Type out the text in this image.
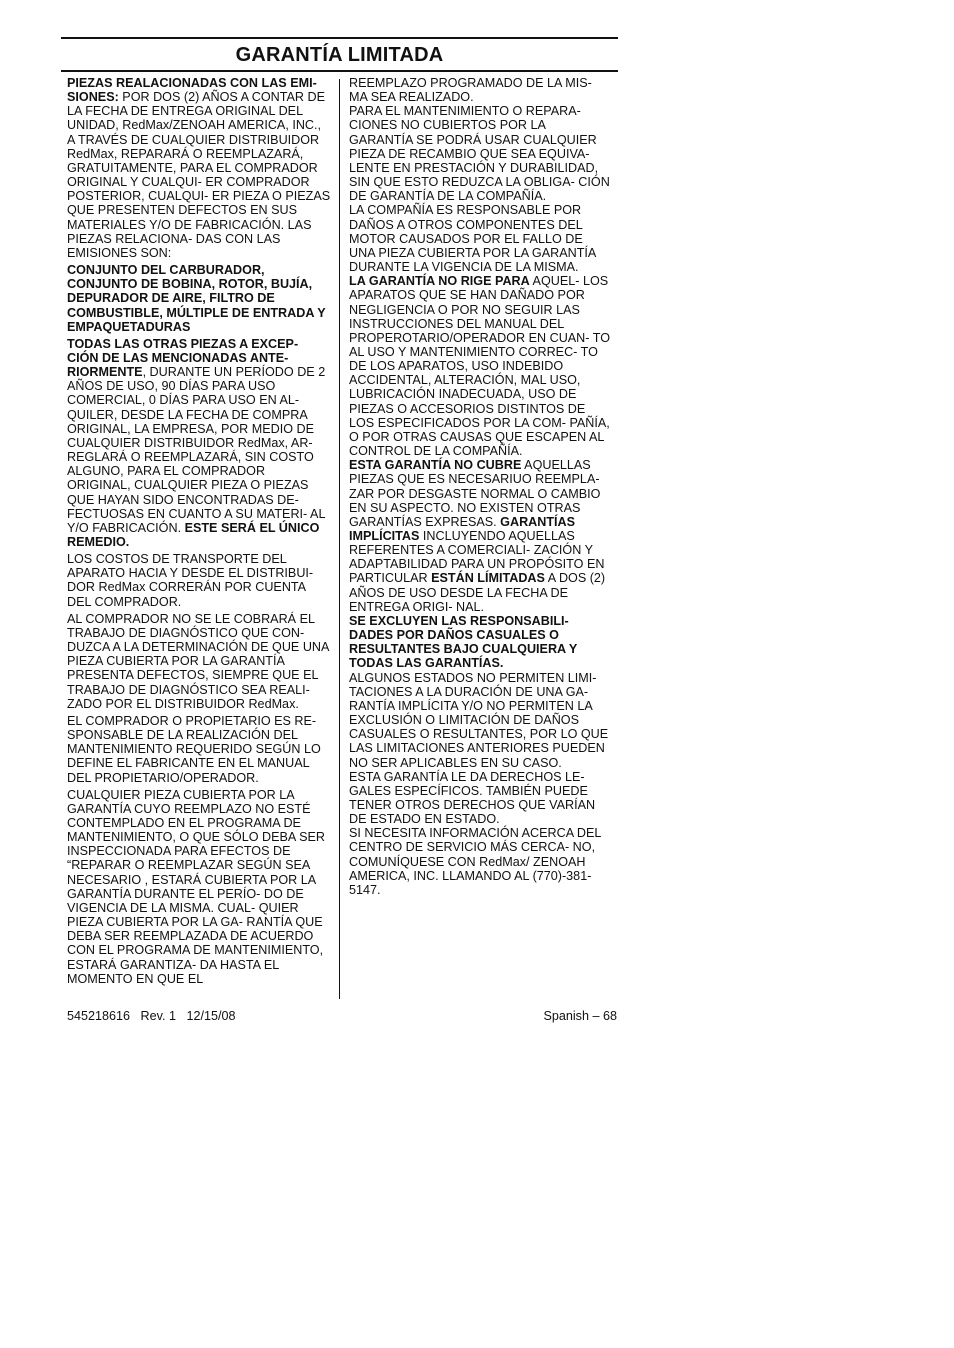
GARANTÍA LIMITADA

PIEZAS REALACIONADAS CON LAS EMI- SIONES: POR DOS (2) AÑOS A CONTAR DE LA FECHA DE ENTREGA ORIGINAL DEL UNIDAD, RedMax/ZENOAH AMERICA, INC., A TRAVÉS DE CUALQUIER DISTRIBUIDOR RedMax, REPARARÁ O REEMPLAZARÁ, GRATUITAMENTE, PARA EL COMPRADOR ORIGINAL Y CUALQUI- ER COMPRADOR POSTERIOR, CUALQUI- ER PIEZA O PIEZAS QUE PRESENTEN DEFECTOS EN SUS MATERIALES Y/O DE FABRICACIÓN. LAS PIEZAS RELACIONA- DAS CON LAS EMISIONES SON:

CONJUNTO DEL CARBURADOR, CONJUNTO DE BOBINA, ROTOR, BUJÍA, DEPURADOR DE AIRE, FILTRO DE COMBUSTIBLE, MÚLTIPLE DE ENTRADA Y EMPAQUETADURAS

TODAS LAS OTRAS PIEZAS A EXCEP- CIÓN DE LAS MENCIONADAS ANTE- RIORMENTE, DURANTE UN PERÍODO DE 2 AÑOS DE USO, 90 DÍAS PARA USO COMERCIAL, 0 DÍAS PARA USO EN AL- QUILER, DESDE LA FECHA DE COMPRA ORIGINAL, LA EMPRESA, POR MEDIO DE CUALQUIER DISTRIBUIDOR RedMax, AR- REGLARÁ O REEMPLAZARÁ, SIN COSTO ALGUNO, PARA EL COMPRADOR ORIGINAL, CUALQUIER PIEZA O PIEZAS QUE HAYAN SIDO ENCONTRADAS DE- FECTUOSAS EN CUANTO A SU MATERI- AL Y/O FABRICACIÓN. ESTE SERÁ EL ÚNICO REMEDIO.

LOS COSTOS DE TRANSPORTE DEL APARATO HACIA Y DESDE EL DISTRIBUI- DOR RedMax CORRERÁN POR CUENTA DEL COMPRADOR.

AL COMPRADOR NO SE LE COBRARÁ EL TRABAJO DE DIAGNÓSTICO QUE CON- DUZCA A LA DETERMINACIÓN DE QUE UNA PIEZA CUBIERTA POR LA GARANTÍA PRESENTA DEFECTOS, SIEMPRE QUE EL TRABAJO DE DIAGNÓSTICO SEA REALI- ZADO POR EL DISTRIBUIDOR RedMax.

EL COMPRADOR O PROPIETARIO ES RE- SPONSABLE DE LA REALIZACIÓN DEL MANTENIMIENTO REQUERIDO SEGÚN LO DEFINE EL FABRICANTE EN EL MANUAL DEL PROPIETARIO/OPERADOR.

CUALQUIER PIEZA CUBIERTA POR LA GARANTÍA CUYO REEMPLAZO NO ESTÉ CONTEMPLADO EN EL PROGRAMA DE MANTENIMIENTO, O QUE SÓLO DEBA SER INSPECCIONADA PARA EFECTOS DE “REPARAR O REEMPLAZAR SEGÚN SEA NECESARIO , ESTARÁ CUBIERTA POR LA GARANTÍA DURANTE EL PERÍO- DO DE VIGENCIA DE LA MISMA. CUAL- QUIER PIEZA CUBIERTA POR LA GA- RANTÍA QUE DEBA SER REEMPLAZADA DE ACUERDO CON EL PROGRAMA DE MANTENIMIENTO, ESTARÁ GARANTIZA- DA HASTA EL MOMENTO EN QUE EL

REEMPLAZO PROGRAMADO DE LA MIS- MA SEA REALIZADO.

PARA EL MANTENIMIENTO O REPARA- CIONES NO CUBIERTOS POR LA GARANTÍA SE PODRÁ USAR CUALQUIER PIEZA DE RECAMBIO QUE SEA EQUIVA- LENTE EN PRESTACIÓN Y DURABILIDAD, SIN QUE ESTO REDUZCA LA OBLIGA- CIÓN DE GARANTÍA DE LA COMPAÑÍA.

LA COMPAÑÍA ES RESPONSABLE POR DAÑOS A OTROS COMPONENTES DEL MOTOR CAUSADOS POR EL FALLO DE UNA PIEZA CUBIERTA POR LA GARANTÍA DURANTE LA VIGENCIA DE LA MISMA.

LA GARANTÍA NO RIGE PARA AQUEL- LOS APARATOS QUE SE HAN DAÑADO POR NEGLIGENCIA O POR NO SEGUIR LAS INSTRUCCIONES DEL MANUAL DEL PROPEROTARIO/OPERADOR EN CUAN- TO AL USO Y MANTENIMIENTO CORREC- TO DE LOS APARATOS, USO INDEBIDO ACCIDENTAL, ALTERACIÓN, MAL USO, LUBRICACIÓN INADECUADA, USO DE PIEZAS O ACCESORIOS DISTINTOS DE LOS ESPECIFICADOS POR LA COM- PAÑÍA, O POR OTRAS CAUSAS QUE ESCAPEN AL CONTROL DE LA COMPAÑÍA.

ESTA GARANTÍA NO CUBRE AQUELLAS PIEZAS QUE ES NECESARIUO REEMPLA- ZAR POR DESGASTE NORMAL O CAMBIO EN SU ASPECTO. NO EXISTEN OTRAS GARANTÍAS EXPRESAS. GARANTÍAS IMPLÍCITAS INCLUYENDO AQUELLAS REFERENTES A COMERCIALI- ZACIÓN Y ADAPTABILIDAD PARA UN PROPÓSITO EN PARTICULAR ESTÁN LÍMITADAS A DOS (2) AÑOS DE USO DESDE LA FECHA DE ENTREGA ORIGI- NAL.

SE EXCLUYEN LAS RESPONSABILI- DADES POR DAÑOS CASUALES O RESULTANTES BAJO CUALQUIERA Y TODAS LAS GARANTÍAS.

ALGUNOS ESTADOS NO PERMITEN LIMI- TACIONES A LA DURACIÓN DE UNA GA- RANTÍA IMPLÍCITA Y/O NO PERMITEN LA EXCLUSIÓN O LIMITACIÓN DE DAÑOS CASUALES O RESULTANTES, POR LO QUE LAS LIMITACIONES ANTERIORES PUEDEN NO SER APLICABLES EN SU CASO.

ESTA GARANTÍA LE DA DERECHOS LE- GALES ESPECÍFICOS. TAMBIÉN PUEDE TENER OTROS DERECHOS QUE VARÍAN DE ESTADO EN ESTADO.

SI NECESITA INFORMACIÓN ACERCA DEL CENTRO DE SERVICIO MÁS CERCA- NO, COMUNÍQUESE CON RedMax/ ZENOAH AMERICA, INC. LLAMANDO AL (770)-381-5147.

545218616   Rev. 1   12/15/08	Spanish – 68
